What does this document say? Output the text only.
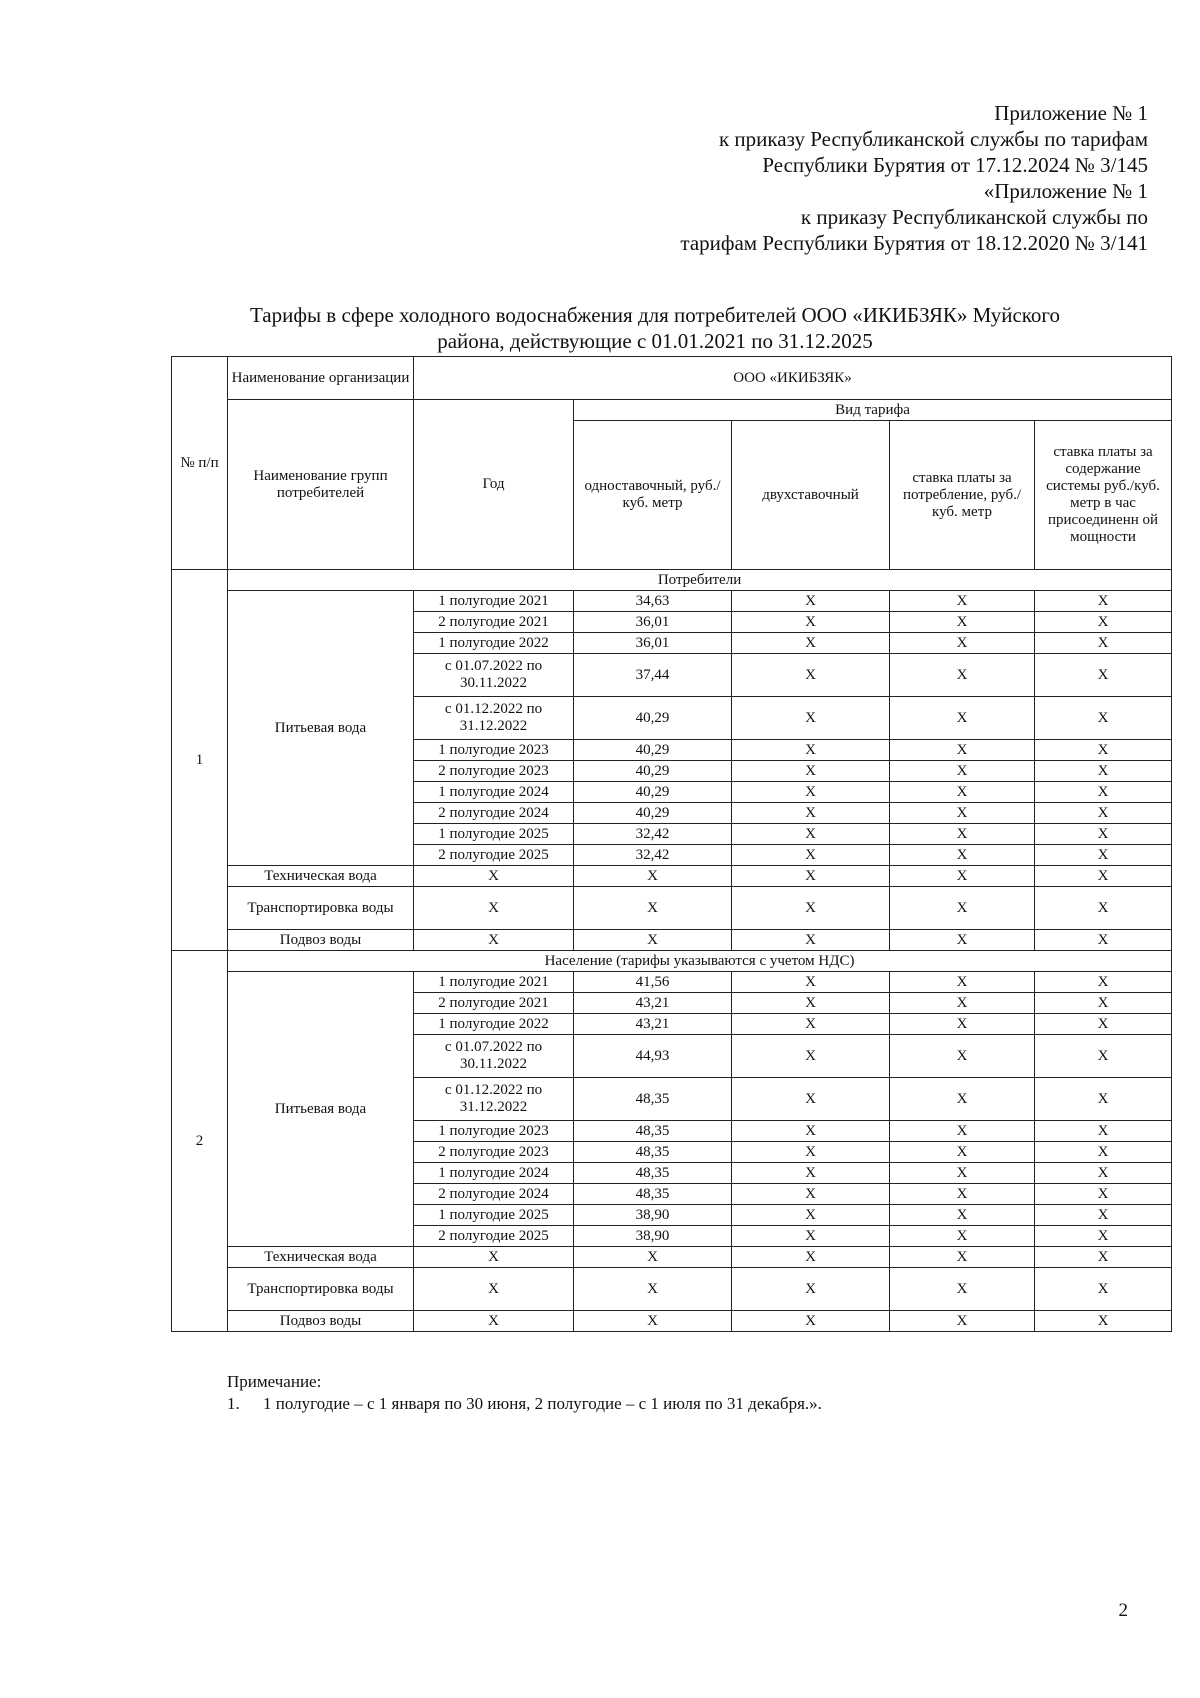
Приложение № 1
к приказу Республиканской службы по тарифам
Республики Бурятия от 17.12.2024 № 3/145
«Приложение № 1
к приказу Республиканской службы по
тарифам Республики Бурятия от 18.12.2020 № 3/141
Тарифы в сфере холодного водоснабжения для потребителей ООО «ИКИБЗЯК» Муйского
района, действующие с 01.01.2021 по 31.12.2025
№ п/п	Наименование организации	ООО «ИКИБЗЯК»				
	Наименование групп потребителей	Год	Вид тарифа			
			одноставочный, руб./ куб. метр	двухставочный	ставка платы за потребление, руб./ куб. метр	ставка платы за содержание системы руб./куб. метр в час присоединенн ой мощности
1	Потребители					
	Питьевая вода	1 полугодие 2021	34,63	X	X	X
		2 полугодие 2021	36,01	X	X	X
		1 полугодие 2022	36,01	X	X	X
		с 01.07.2022 по 30.11.2022	37,44	X	X	X
		с 01.12.2022 по 31.12.2022	40,29	X	X	X
		1 полугодие 2023	40,29	X	X	X
		2 полугодие 2023	40,29	X	X	X
		1 полугодие 2024	40,29	X	X	X
		2 полугодие 2024	40,29	X	X	X
		1 полугодие 2025	32,42	X	X	X
		2 полугодие 2025	32,42	X	X	X
	Техническая вода	X	X	X	X	X
	Транспортировка воды	X	X	X	X	X
	Подвоз воды	X	X	X	X	X
2	Население (тарифы указываются с учетом НДС)					
	Питьевая вода	1 полугодие 2021	41,56	X	X	X
		2 полугодие 2021	43,21	X	X	X
		1 полугодие 2022	43,21	X	X	X
		с 01.07.2022 по 30.11.2022	44,93	X	X	X
		с 01.12.2022 по 31.12.2022	48,35	X	X	X
		1 полугодие 2023	48,35	X	X	X
		2 полугодие 2023	48,35	X	X	X
		1 полугодие 2024	48,35	X	X	X
		2 полугодие 2024	48,35	X	X	X
		1 полугодие 2025	38,90	X	X	X
		2 полугодие 2025	38,90	X	X	X
	Техническая вода	X	X	X	X	X
	Транспортировка воды	X	X	X	X	X
	Подвоз воды	X	X	X	X	X
Примечание:
1. 1 полугодие – с 1 января по 30 июня, 2 полугодие – с 1 июля по 31 декабря.».
2
